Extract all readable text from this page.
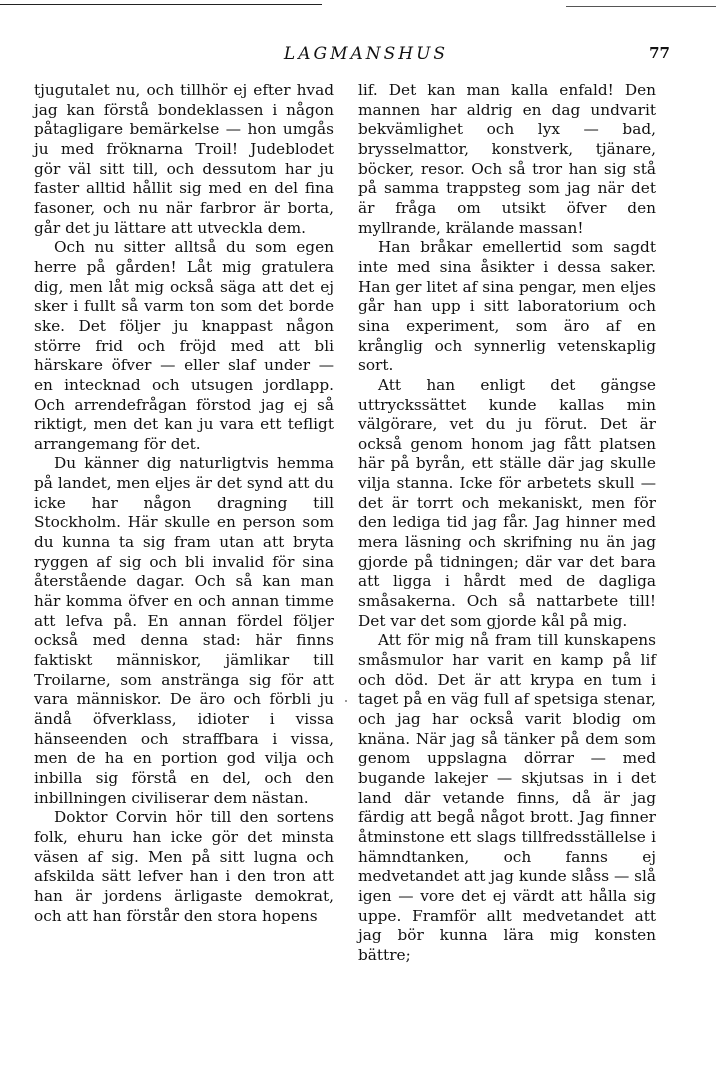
LAGMANSHUS	77

tjugutalet nu, och tillhör ej efter hvad jag kan förstå bondeklassen i någon påtagligare bemärkelse — hon umgås ju med fröknarna Troil! Judeblodet gör väl sitt till, och dessutom har ju faster alltid hållit sig med en del fina fasoner, och nu när farbror är borta, går det ju lättare att utveckla dem.

Och nu sitter alltså du som egen herre på gården! Låt mig gratulera dig, men låt mig också säga att det ej sker i fullt så varm ton som det borde ske. Det följer ju knappast någon större frid och fröjd med att bli härskare öfver — eller slaf under — en intecknad och utsugen jordlapp. Och arrendefrågan förstod jag ej så riktigt, men det kan ju vara ett tefligt arrangemang för det.

Du känner dig naturligtvis hemma på landet, men eljes är det synd att du icke har någon dragning till Stockholm. Här skulle en person som du kunna ta sig fram utan att bryta ryggen af sig och bli invalid för sina återstående dagar. Och så kan man här komma öfver en och annan timme att lefva på. En annan fördel följer också med denna stad: här finns faktiskt människor, jämlikar till Troilarne, som anstränga sig för att vara människor. De äro och förbli ju ändå öfverklass, idioter i vissa hänseenden och straffbara i vissa, men de ha en portion god vilja och inbilla sig förstå en del, och den inbillningen civiliserar dem nästan.

Doktor Corvin hör till den sortens folk, ehuru han icke gör det minsta väsen af sig. Men på sitt lugna och afskilda sätt lefver han i den tron att han är jordens ärligaste demokrat, och att han förstår den stora hopens

lif. Det kan man kalla enfald! Den mannen har aldrig en dag undvarit bekvämlighet och lyx — bad, brysselmattor, konstverk, tjänare, böcker, resor. Och så tror han sig stå på samma trappsteg som jag när det är fråga om utsikt öfver den myllrande, krälande massan!

Han bråkar emellertid som sagdt inte med sina åsikter i dessa saker. Han ger litet af sina pengar, men eljes går han upp i sitt laboratorium och sina experiment, som äro af en krånglig och synnerlig vetenskaplig sort.

Att han enligt det gängse uttryckssättet kunde kallas min välgörare, vet du ju förut. Det är också genom honom jag fått platsen här på byrån, ett ställe där jag skulle vilja stanna. Icke för arbetets skull — det är torrt och mekaniskt, men för den lediga tid jag får. Jag hinner med mera läsning och skrifning nu än jag gjorde på tidningen; där var det bara att ligga i hårdt med de dagliga småsakerna. Och så nattarbete till! Det var det som gjorde kål på mig.

Att för mig nå fram till kunskapens småsmulor har varit en kamp på lif och död. Det är att krypa en tum i taget på en väg full af spetsiga stenar, och jag har också varit blodig om knäna. När jag så tänker på dem som genom uppslagna dörrar — med bugande lakejer — skjutsas in i det land där vetande finns, då är jag färdig att begå något brott. Jag finner åtminstone ett slags tillfredsställelse i hämndtanken, och fanns ej medvetandet att jag kunde slåss — slå igen — vore det ej värdt att hålla sig uppe. Framför allt medvetandet att jag bör kunna lära mig konsten bättre;
